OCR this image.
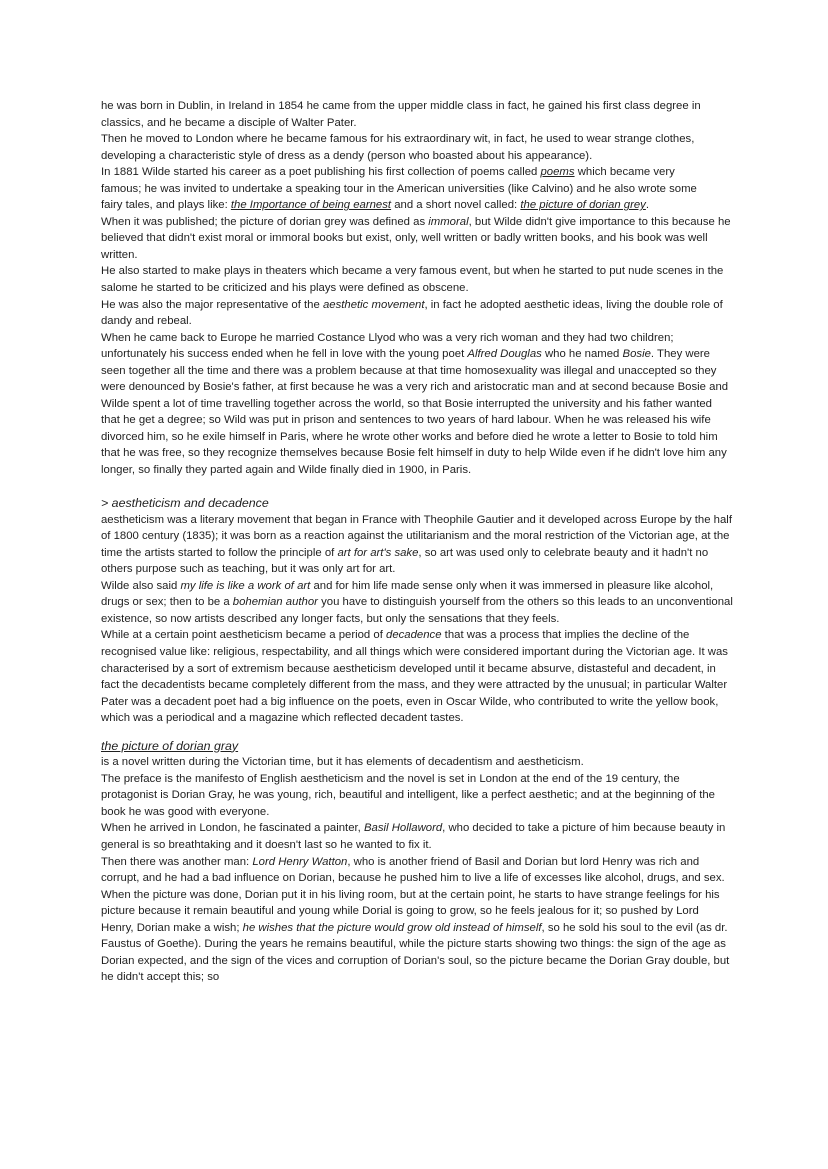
he was born in Dublin, in Ireland in 1854 he came from the upper middle class in fact, he gained his first class degree in classics, and he became a disciple of Walter Pater.

Then he moved to London where he became famous for his extraordinary wit, in fact, he used to wear strange clothes, developing a characteristic style of dress as a dendy (person who boasted about his appearance).

In 1881 Wilde started his career as a poet publishing his first collection of poems called poems which became very famous; he was invited to undertake a speaking tour in the American universities (like Calvino) and he also wrote some fairy tales, and plays like: the Importance of being earnest and a short novel called: the picture of dorian grey.

When it was published; the picture of dorian grey was defined as immoral, but Wilde didn't give importance to this because he believed that didn't exist moral or immoral books but exist, only, well written or badly written books, and his book was well written.

He also started to make plays in theaters which became a very famous event, but when he started to put nude scenes in the salome he started to be criticized and his plays were defined as obscene.

He was also the major representative of the aesthetic movement, in fact he adopted aesthetic ideas, living the double role of dandy and rebeal.

When he came back to Europe he married Costance Llyod who was a very rich woman and they had two children; unfortunately his success ended when he fell in love with the young poet Alfred Douglas who he named Bosie. They were seen together all the time and there was a problem because at that time homosexuality was illegal and unaccepted so they were denounced by Bosie's father, at first because he was a very rich and aristocratic man and at second because Bosie and Wilde spent a lot of time travelling together across the world, so that Bosie interrupted the university and his father wanted that he get a degree; so Wild was put in prison and sentences to two years of hard labour. When he was released his wife divorced him, so he exile himself in Paris, where he wrote other works and before died he wrote a letter to Bosie to told him that he was free, so they recognize themselves because Bosie felt himself in duty to help Wilde even if he didn't love him any longer, so finally they parted again and Wilde finally died in 1900, in Paris.

> aestheticism and decadence

aestheticism was a literary movement that began in France with Theophile Gautier and it developed across Europe by the half of 1800 century (1835); it was born as a reaction against the utilitarianism and the moral restriction of the Victorian age, at the time the artists started to follow the principle of art for art's sake, so art was used only to celebrate beauty and it hadn't no others purpose such as teaching, but it was only art for art.

Wilde also said my life is like a work of art and for him life made sense only when it was immersed in pleasure like alcohol, drugs or sex; then to be a bohemian author you have to distinguish yourself from the others so this leads to an unconventional existence, so now artists described any longer facts, but only the sensations that they feels.

While at a certain point aestheticism became a period of decadence that was a process that implies the decline of the recognised value like: religious, respectability, and all things which were considered important during the Victorian age. It was characterised by a sort of extremism because aestheticism developed until it became absurve, distasteful and decadent, in fact the decadentists became completely different from the mass, and they were attracted by the unusual; in particular Walter Pater was a decadent poet had a big influence on the poets, even in Oscar Wilde, who contributed to write the yellow book, which was a periodical and a magazine which reflected decadent tastes.

the picture of dorian gray

is a novel written during the Victorian time, but it has elements of decadentism and aestheticism.

The preface is the manifesto of English aestheticism and the novel is set in London at the end of the 19 century, the protagonist is Dorian Gray, he was young, rich, beautiful and intelligent, like a perfect aesthetic; and at the beginning of the book he was good with everyone.

When he arrived in London, he fascinated a painter, Basil Hollaword, who decided to take a picture of him because beauty in general is so breathtaking and it doesn't last so he wanted to fix it.

Then there was another man: Lord Henry Watton, who is another friend of Basil and Dorian but lord Henry was rich and corrupt, and he had a bad influence on Dorian, because he pushed him to live a life of excesses like alcohol, drugs, and sex. When the picture was done, Dorian put it in his living room, but at the certain point, he starts to have strange feelings for his picture because it remain beautiful and young while Dorial is going to grow, so he feels jealous for it; so pushed by Lord Henry, Dorian make a wish; he wishes that the picture would grow old instead of himself, so he sold his soul to the evil (as dr. Faustus of Goethe). During the years he remains beautiful, while the picture starts showing two things: the sign of the age as Dorian expected, and the sign of the vices and corruption of Dorian's soul, so the picture became the Dorian Gray double, but he didn't accept this; so
